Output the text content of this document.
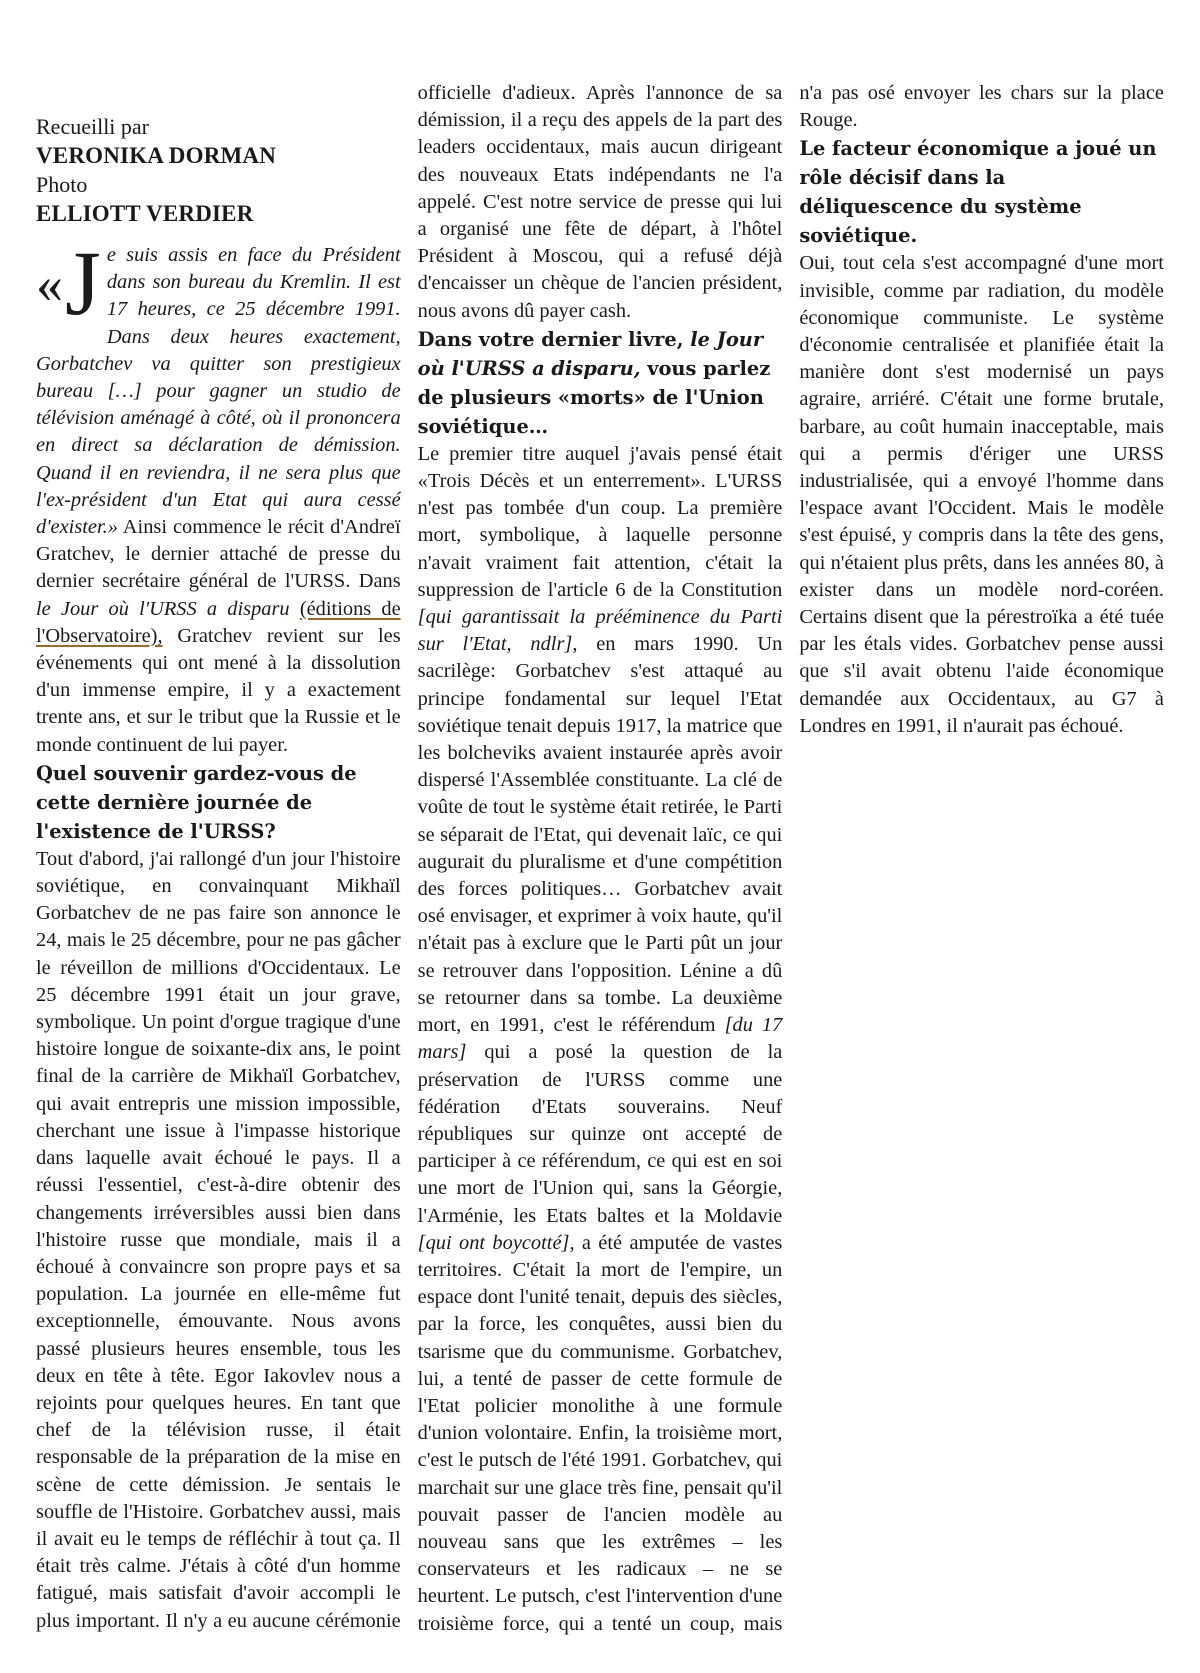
Recueilli par
VERONIKA DORMAN
Photo
ELLIOTT VERDIER

«J e suis assis en face du Président dans son bureau du Kremlin. Il est 17 heures, ce 25 décembre 1991. Dans deux heures exactement, Gorbatchev va quitter son prestigieux bureau […] pour gagner un studio de télévision aménagé à côté, où il prononcera en direct sa déclaration de démission. Quand il en reviendra, il ne sera plus que l'ex-président d'un Etat qui aura cessé d'exister.» Ainsi commence le récit d'Andreï Gratchev, le dernier attaché de presse du dernier secrétaire général de l'URSS. Dans le Jour où l'URSS a disparu (éditions de l'Observatoire), Gratchev revient sur les événements qui ont mené à la dissolution d'un immense empire, il y a exactement trente ans, et sur le tribut que la Russie et le monde continuent de lui payer.

Quel souvenir gardez-vous de cette dernière journée de l'existence de l'URSS?

Tout d'abord, j'ai rallongé d'un jour l'histoire soviétique, en convainquant Mikhaïl Gorbatchev de ne pas faire son annonce le 24, mais le 25 décembre, pour ne pas gâcher le réveillon de millions d'Occidentaux. Le 25 décembre 1991 était un jour grave, symbolique. Un point d'orgue tragique d'une histoire longue de soixante-dix ans, le point final de la carrière de Mikhaïl Gorbatchev, qui avait entrepris une mission impossible, cherchant une issue à l'impasse historique dans laquelle avait échoué le pays. Il a réussi l'essentiel, c'est-à-dire obtenir des changements irréversibles aussi bien dans l'histoire russe que mondiale, mais il a échoué à convaincre son propre pays et sa population. La journée en elle-même fut exceptionnelle, émouvante. Nous avons passé plusieurs heures ensemble, tous les deux en tête à tête. Egor Iakovlev nous a rejoints pour quelques heures. En tant que chef de la télévision russe, il était responsable de la préparation de la mise en scène de cette démission. Je sentais le souffle de l'Histoire. Gorbatchev aussi, mais il avait eu le temps de réfléchir à tout ça. Il était très calme. J'étais à côté d'un homme fatigué, mais satisfait d'avoir accompli le plus important. Il n'y a eu aucune cérémonie officielle d'adieux. Après l'annonce de sa démission, il a reçu des appels de la part des leaders occidentaux, mais aucun dirigeant des nouveaux Etats indépendants ne l'a appelé. C'est notre service de presse qui lui a organisé une fête de départ, à l'hôtel Président à Moscou, qui a refusé déjà d'encaisser un chèque de l'ancien président, nous avons dû payer cash.

Dans votre dernier livre, le Jour où l'URSS a disparu, vous parlez de plusieurs «morts» de l'Union soviétique…

Le premier titre auquel j'avais pensé était «Trois Décès et un enterrement». L'URSS n'est pas tombée d'un coup. La première mort, symbolique, à laquelle personne n'avait vraiment fait attention, c'était la suppression de l'article 6 de la Constitution [qui garantissait la prééminence du Parti sur l'Etat, ndlr], en mars 1990. Un sacrilège: Gorbatchev s'est attaqué au principe fondamental sur lequel l'Etat soviétique tenait depuis 1917, la matrice que les bolcheviks avaient instaurée après avoir dispersé l'Assemblée constituante. La clé de voûte de tout le système était retirée, le Parti se séparait de l'Etat, qui devenait laïc, ce qui augurait du pluralisme et d'une compétition des forces politiques… Gorbatchev avait osé envisager, et exprimer à voix haute, qu'il n'était pas à exclure que le Parti pût un jour se retrouver dans l'opposition. Lénine a dû se retourner dans sa tombe. La deuxième mort, en 1991, c'est le référendum [du 17 mars] qui a posé la question de la préservation de l'URSS comme une fédération d'Etats souverains. Neuf républiques sur quinze ont accepté de participer à ce référendum, ce qui est en soi une mort de l'Union qui, sans la Géorgie, l'Arménie, les Etats baltes et la Moldavie [qui ont boycotté], a été amputée de vastes territoires. C'était la mort de l'empire, un espace dont l'unité tenait, depuis des siècles, par la force, les conquêtes, aussi bien du tsarisme que du communisme. Gorbatchev, lui, a tenté de passer de cette formule de l'Etat policier monolithe à une formule d'union volontaire. Enfin, la troisième mort, c'est le putsch de l'été 1991. Gorbatchev, qui marchait sur une glace très fine, pensait qu'il pouvait passer de l'ancien modèle au nouveau sans que les extrêmes – les conservateurs et les radicaux – ne se heurtent. Le putsch, c'est l'intervention d'une troisième force, qui a tenté un coup, mais n'a pas osé envoyer les chars sur la place Rouge.

Le facteur économique a joué un rôle décisif dans la déliquescence du système soviétique.

Oui, tout cela s'est accompagné d'une mort invisible, comme par radiation, du modèle économique communiste. Le système d'économie centralisée et planifiée était la manière dont s'est modernisé un pays agraire, arriéré. C'était une forme brutale, barbare, au coût humain inacceptable, mais qui a permis d'ériger une URSS industrialisée, qui a envoyé l'homme dans l'espace avant l'Occident. Mais le modèle s'est épuisé, y compris dans la tête des gens, qui n'étaient plus prêts, dans les années 80, à exister dans un modèle nord-coréen. Certains disent que la pérestroïka a été tuée par les étals vides. Gorbatchev pense aussi que s'il avait obtenu l'aide économique demandée aux Occidentaux, au G7 à Londres en 1991, il n'aurait pas échoué.
